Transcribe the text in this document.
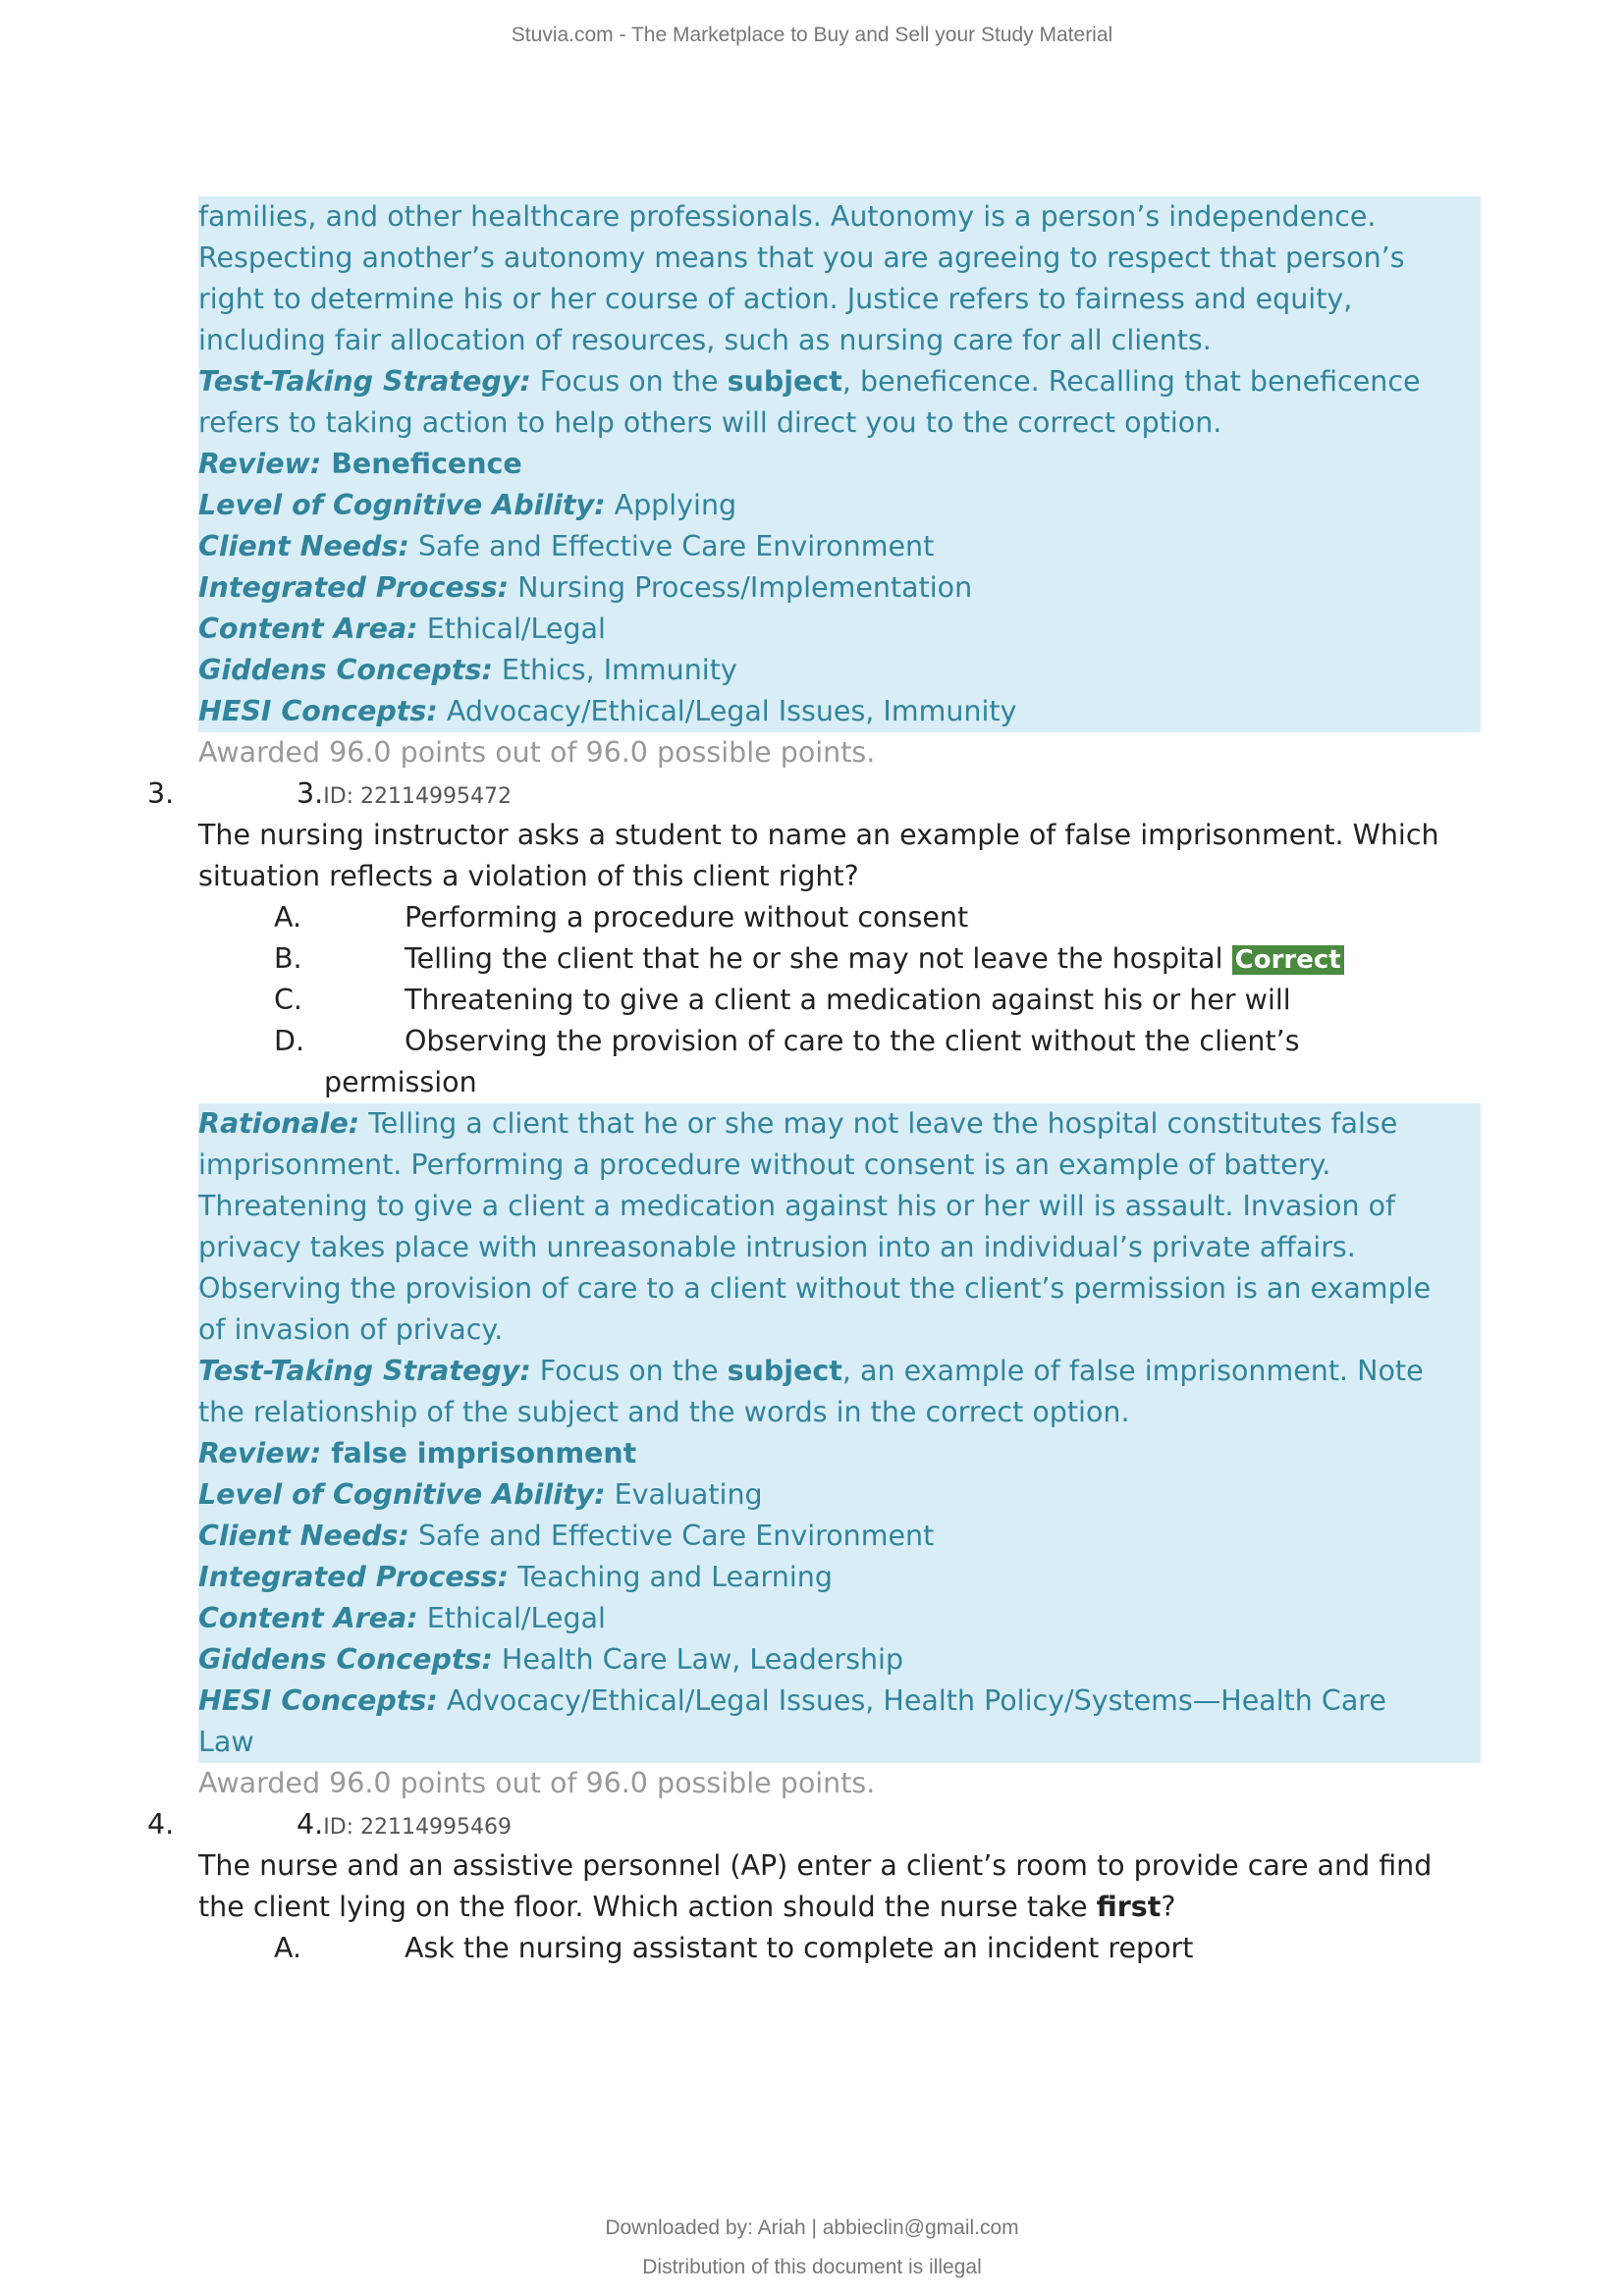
Stuvia.com - The Marketplace to Buy and Sell your Study Material
families, and other healthcare professionals. Autonomy is a person’s independence.
Respecting another’s autonomy means that you are agreeing to respect that person’s
right to determine his or her course of action. Justice refers to fairness and equity,
including fair allocation of resources, such as nursing care for all clients.
Test-Taking Strategy: Focus on the subject, beneficence. Recalling that beneficence
refers to taking action to help others will direct you to the correct option.
Review: Beneficence
Level of Cognitive Ability: Applying
Client Needs: Safe and Effective Care Environment
Integrated Process: Nursing Process/Implementation
Content Area: Ethical/Legal
Giddens Concepts: Ethics, Immunity
HESI Concepts: Advocacy/Ethical/Legal Issues, Immunity
Awarded 96.0 points out of 96.0 possible points.
3.	3.ID: 22114995472
The nursing instructor asks a student to name an example of false imprisonment. Which
situation reflects a violation of this client right?
A.	Performing a procedure without consent
B.	Telling the client that he or she may not leave the hospital Correct
C.	Threatening to give a client a medication against his or her will
D.	Observing the provision of care to the client without the client’s
permission
Rationale: Telling a client that he or she may not leave the hospital constitutes false
imprisonment. Performing a procedure without consent is an example of battery.
Threatening to give a client a medication against his or her will is assault. Invasion of
privacy takes place with unreasonable intrusion into an individual’s private affairs.
Observing the provision of care to a client without the client’s permission is an example
of invasion of privacy.
Test-Taking Strategy: Focus on the subject, an example of false imprisonment. Note
the relationship of the subject and the words in the correct option.
Review: false imprisonment
Level of Cognitive Ability: Evaluating
Client Needs: Safe and Effective Care Environment
Integrated Process: Teaching and Learning
Content Area: Ethical/Legal
Giddens Concepts: Health Care Law, Leadership
HESI Concepts: Advocacy/Ethical/Legal Issues, Health Policy/Systems—Health Care
Law
Awarded 96.0 points out of 96.0 possible points.
4.	4.ID: 22114995469
The nurse and an assistive personnel (AP) enter a client’s room to provide care and find
the client lying on the floor. Which action should the nurse take first?
A.	Ask the nursing assistant to complete an incident report
Downloaded by: Ariah | abbieclin@gmail.com
Distribution of this document is illegal
